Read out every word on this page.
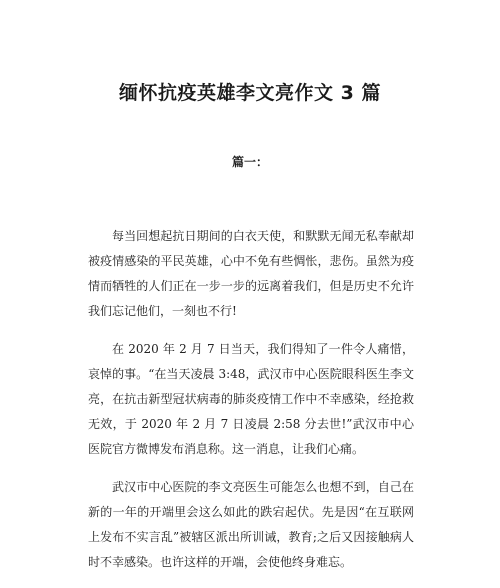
缅怀抗疫英雄李文亮作文 3 篇
篇一：

每当回想起抗日期间的白衣天使，和默默无闻无私奉献却被疫情感染的平民英雄，心中不免有些惆怅，悲伤。虽然为疫情而牺牲的人们正在一步一步的远离着我们，但是历史不允许我们忘记他们，一刻也不行!

在 2020 年 2 月 7 日当天，我们得知了一件令人痛惜，哀悼的事。“在当天凌晨 3:48，武汉市中心医院眼科医生李文亮，在抗击新型冠状病毒的肺炎疫情工作中不幸感染，经抢救无效，于 2020 年 2 月 7 日凌晨 2:58 分去世!”武汉市中心医院官方微博发布消息称。这一消息，让我们心痛。

武汉市中心医院的李文亮医生可能怎么也想不到，自己在新的一年的开端里会这么如此的跌宕起伏。先是因“在互联网上发布不实言乱”被辖区派出所训诫，教育;之后又因接触病人时不幸感染。也许这样的开端，会使他终身难忘。
